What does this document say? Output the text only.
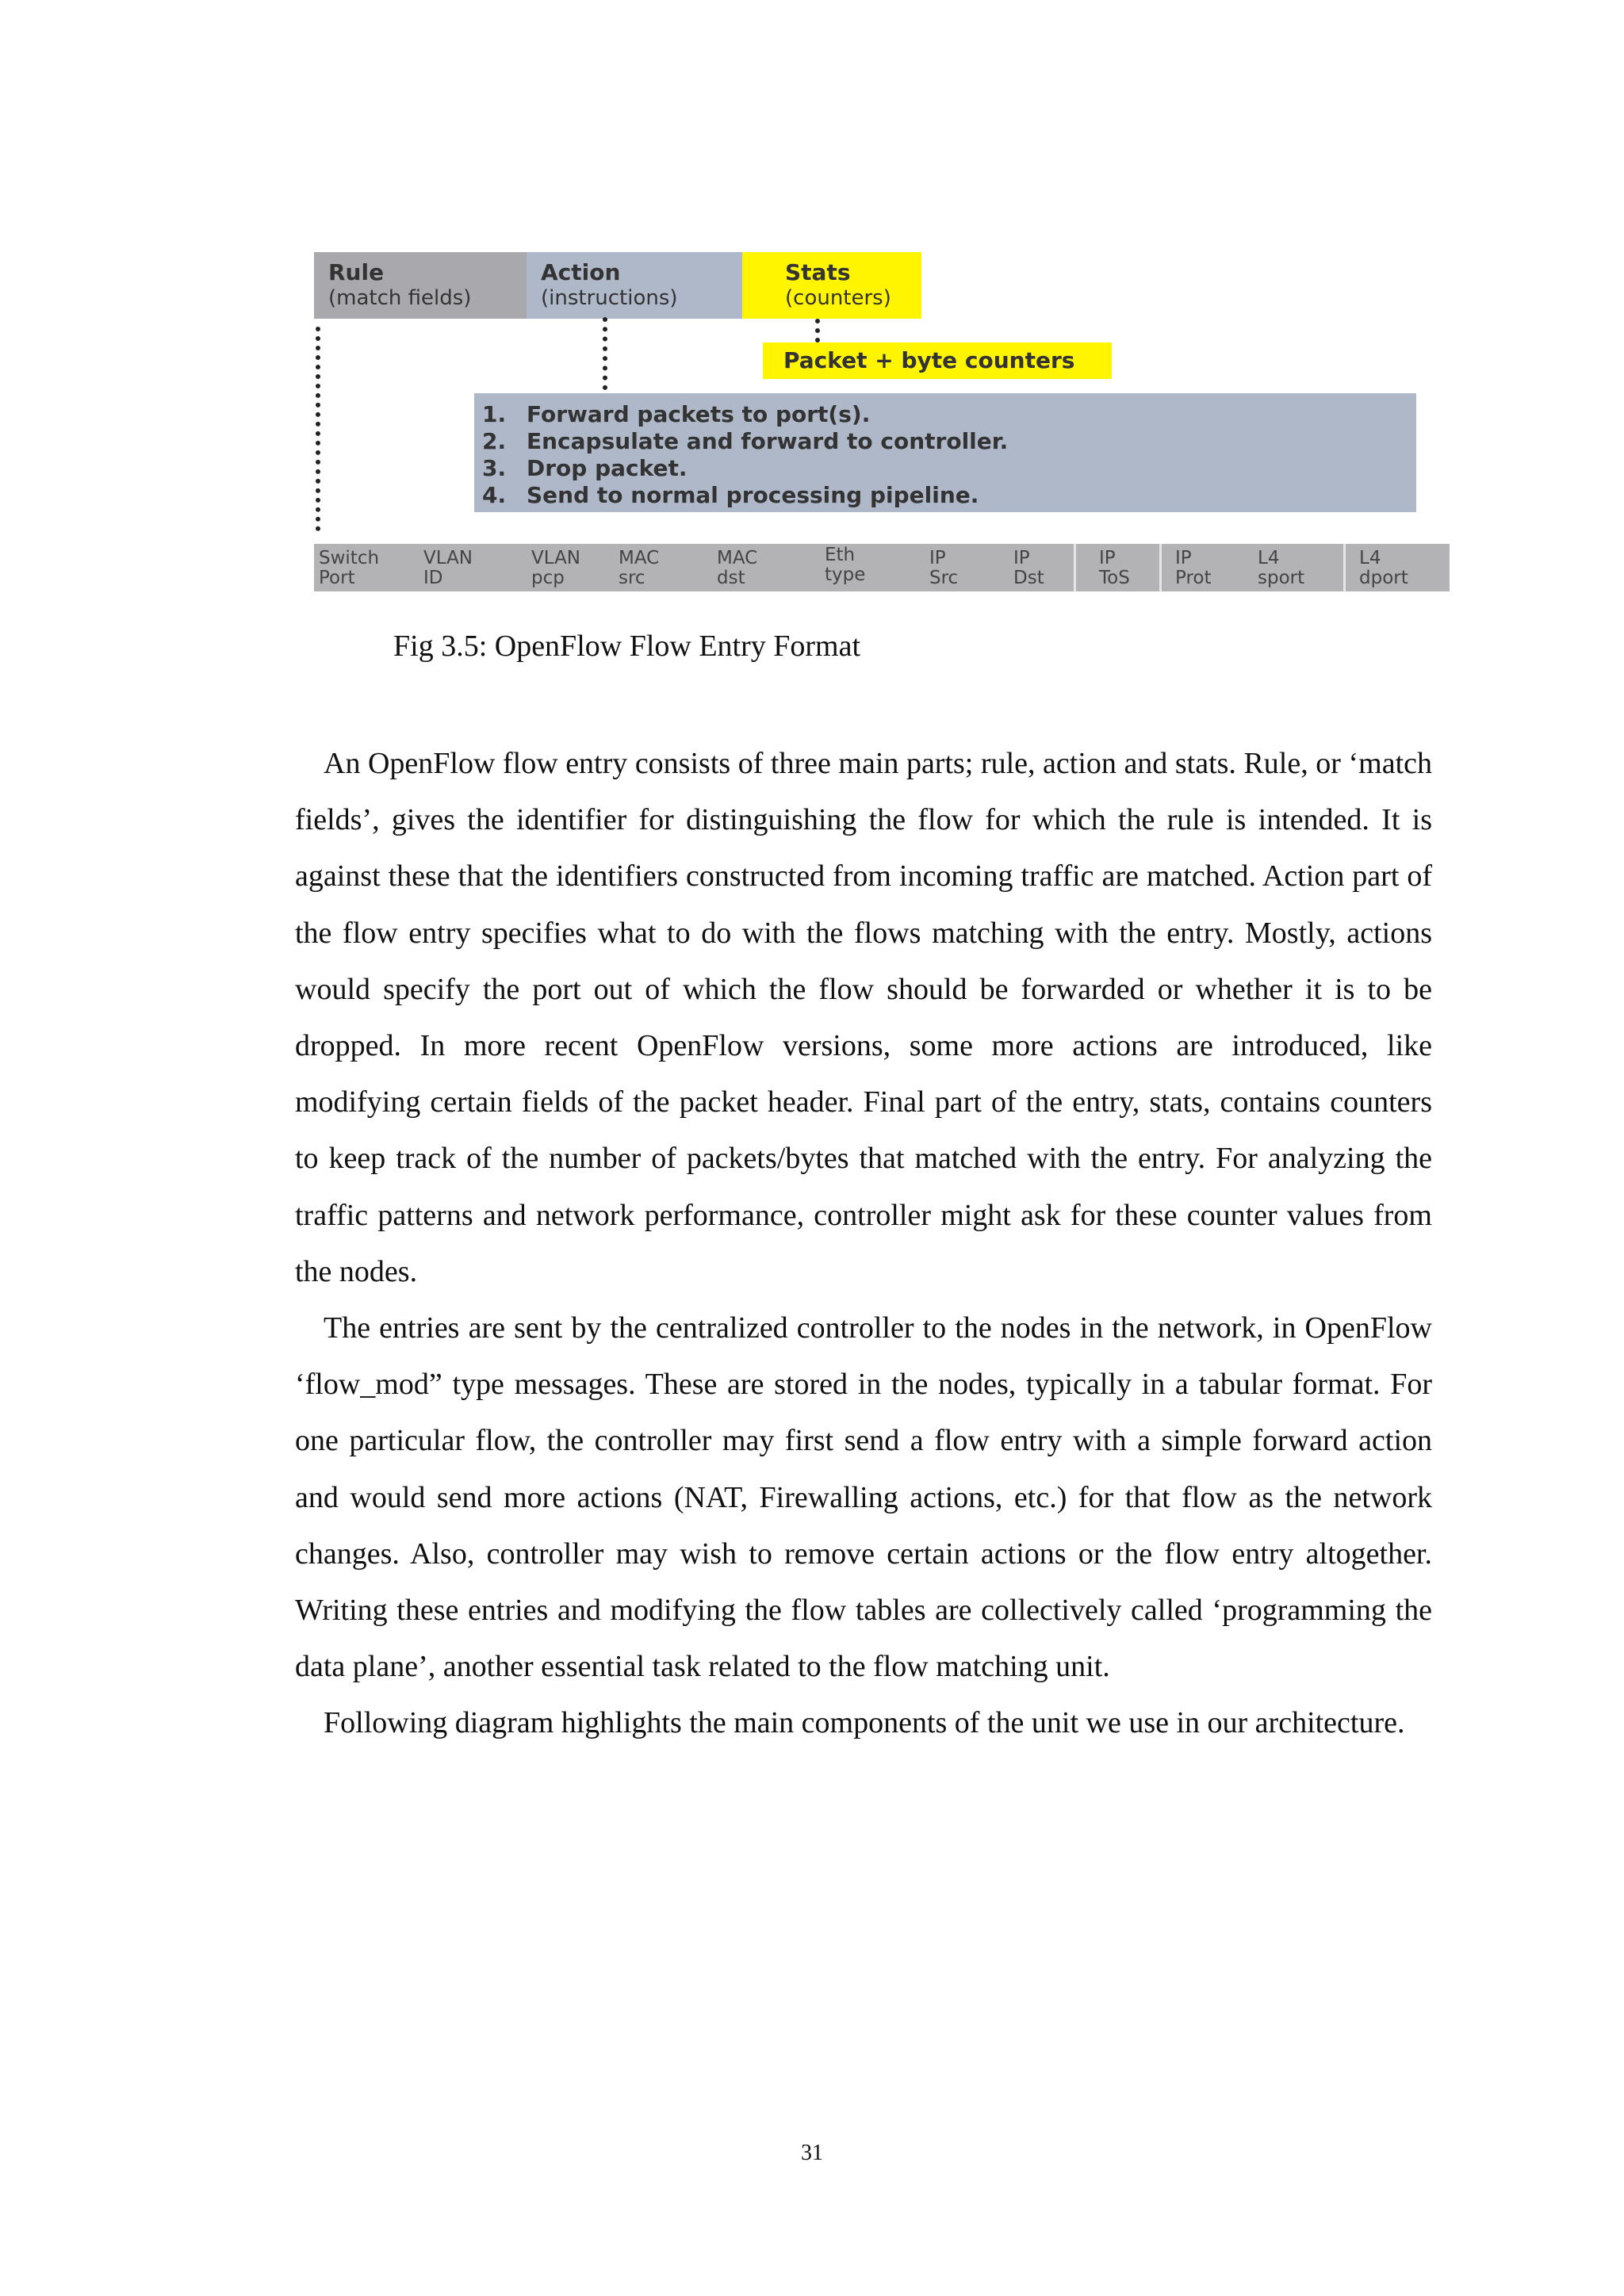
Rule
(match fields)
Action
(instructions)
Stats
(counters)
Packet + byte counters
1. Forward packets to port(s).
2. Encapsulate and forward to controller.
3. Drop packet.
4. Send to normal processing pipeline.
Switch
Port
VLAN
ID
VLAN
pcp
MAC
src
MAC
dst
Eth
type
IP
Src
IP
Dst
IP
ToS
IP
Prot
L4
sport
L4
dport

Fig 3.5: OpenFlow Flow Entry Format

An OpenFlow flow entry consists of three main parts; rule, action and stats. Rule, or ‘match fields’, gives the identifier for distinguishing the flow for which the rule is intended. It is against these that the identifiers constructed from incoming traffic are matched. Action part of the flow entry specifies what to do with the flows matching with the entry. Mostly, actions would specify the port out of which the flow should be forwarded or whether it is to be dropped. In more recent OpenFlow versions, some more actions are introduced, like modifying certain fields of the packet header. Final part of the entry, stats, contains counters to keep track of the number of packets/bytes that matched with the entry. For analyzing the traffic patterns and network performance, controller might ask for these counter values from the nodes.

The entries are sent by the centralized controller to the nodes in the network, in OpenFlow ‘flow_mod” type messages. These are stored in the nodes, typically in a tabular format. For one particular flow, the controller may first send a flow entry with a simple forward action and would send more actions (NAT, Firewalling actions, etc.) for that flow as the network changes. Also, controller may wish to remove certain actions or the flow entry altogether. Writing these entries and modifying the flow tables are collectively called ‘programming the data plane’, another essential task related to the flow matching unit.

Following diagram highlights the main components of the unit we use in our architecture.

31
